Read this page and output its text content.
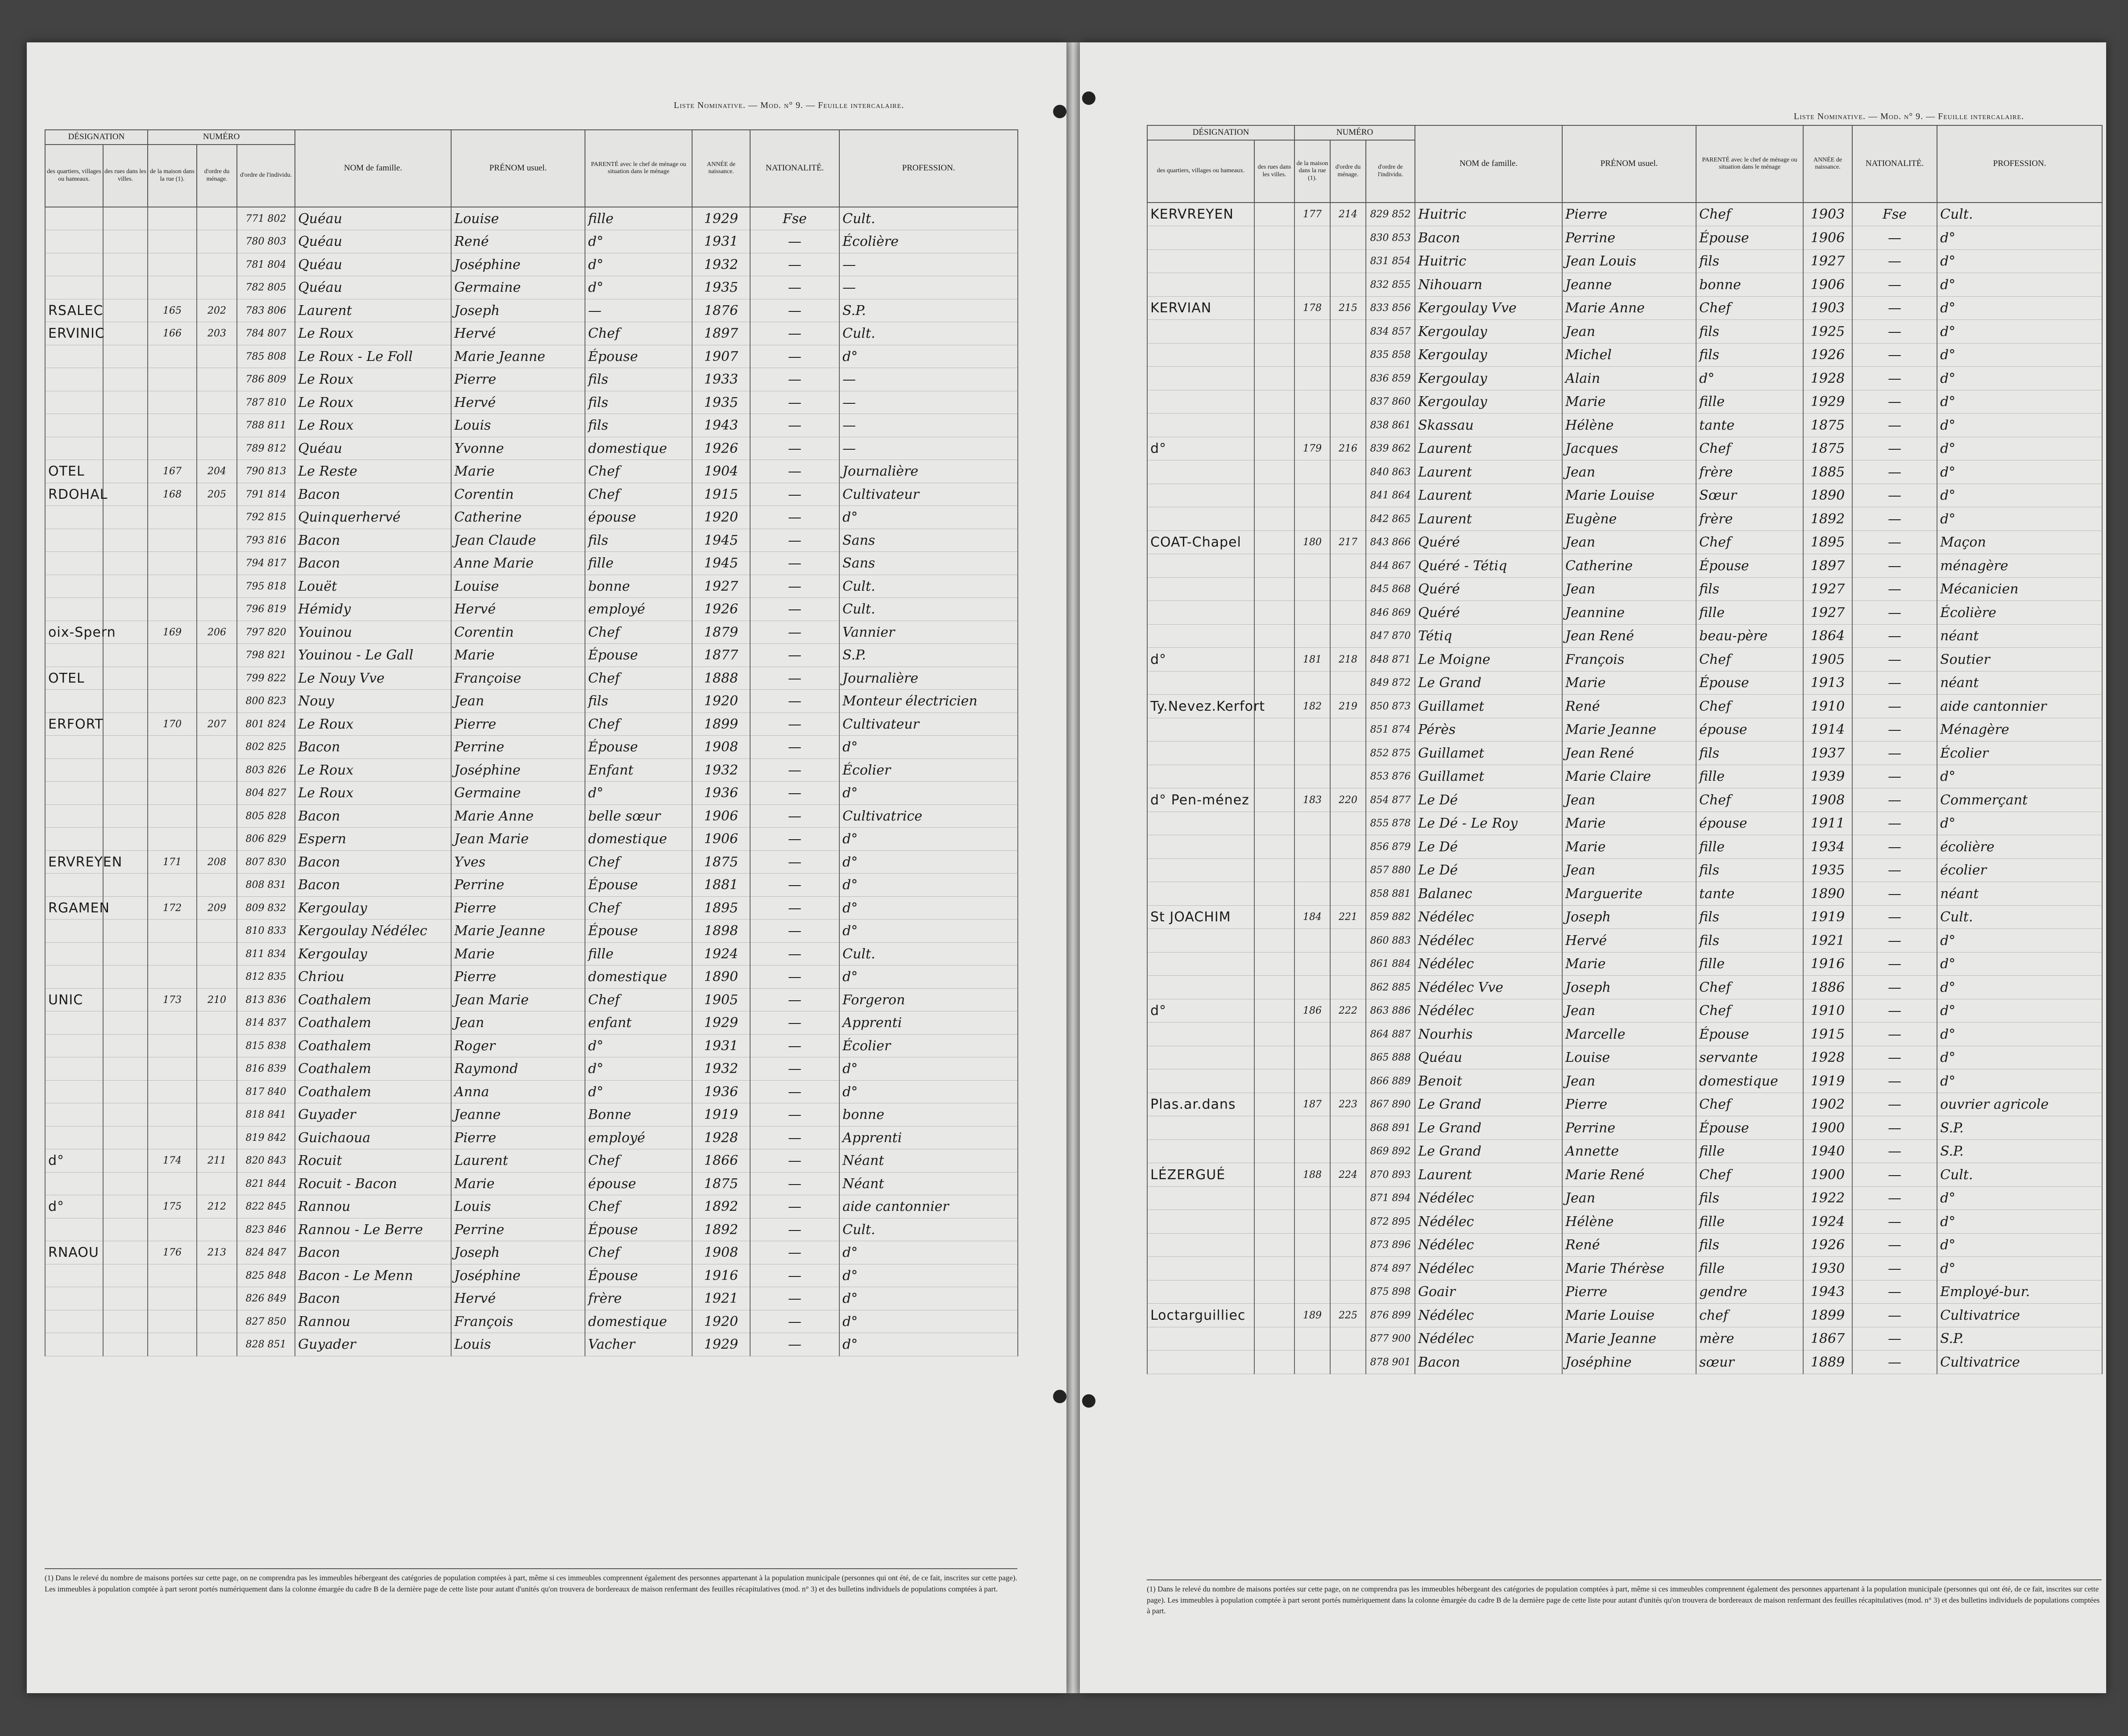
Liste Nominative. — Mod. n° 9. — Feuille intercalaire.
DÉSIGNATION		NUMÉRO			NOM de famille.	PRÉNOM usuel.	PARENTÉ avec le chef de ménage ou situation dans le ménage	ANNÉE de naissance.	NATIONALITÉ.	PROFESSION.
des quartiers, villages ou hameaux.	des rues dans les villes.	de la maison dans la rue (1).	d'ordre du ménage.	d'ordre de l'individu.						
				771 802	Quéau	Louise	fille	1929	Fse	Cult.
				780 803	Quéau	René	d°	1931	—	Écolière
				781 804	Quéau	Joséphine	d°	1932	—	—
				782 805	Quéau	Germaine	d°	1935	—	—
RSALEC		165	202	783 806	Laurent	Joseph	—	1876	—	S.P.
ERVINIC		166	203	784 807	Le Roux	Hervé	Chef	1897	—	Cult.
				785 808	Le Roux - Le Foll	Marie Jeanne	Épouse	1907	—	d°
				786 809	Le Roux	Pierre	fils	1933	—	—
				787 810	Le Roux	Hervé	fils	1935	—	—
				788 811	Le Roux	Louis	fils	1943	—	—
				789 812	Quéau	Yvonne	domestique	1926	—	—
OTEL		167	204	790 813	Le Reste	Marie	Chef	1904	—	Journalière
RDOHAL		168	205	791 814	Bacon	Corentin	Chef	1915	—	Cultivateur
				792 815	Quinquerhervé	Catherine	épouse	1920	—	d°
				793 816	Bacon	Jean Claude	fils	1945	—	Sans
				794 817	Bacon	Anne Marie	fille	1945	—	Sans
				795 818	Louët	Louise	bonne	1927	—	Cult.
				796 819	Hémidy	Hervé	employé	1926	—	Cult.
oix-Spern		169	206	797 820	Youinou	Corentin	Chef	1879	—	Vannier
				798 821	Youinou - Le Gall	Marie	Épouse	1877	—	S.P.
OTEL				799 822	Le Nouy Vve	Françoise	Chef	1888	—	Journalière
				800 823	Nouy	Jean	fils	1920	—	Monteur électricien
ERFORT		170	207	801 824	Le Roux	Pierre	Chef	1899	—	Cultivateur
				802 825	Bacon	Perrine	Épouse	1908	—	d°
				803 826	Le Roux	Joséphine	Enfant	1932	—	Écolier
				804 827	Le Roux	Germaine	d°	1936	—	d°
				805 828	Bacon	Marie Anne	belle sœur	1906	—	Cultivatrice
				806 829	Espern	Jean Marie	domestique	1906	—	d°
ERVREYEN		171	208	807 830	Bacon	Yves	Chef	1875	—	d°
				808 831	Bacon	Perrine	Épouse	1881	—	d°
RGAMEN		172	209	809 832	Kergoulay	Pierre	Chef	1895	—	d°
				810 833	Kergoulay Nédélec	Marie Jeanne	Épouse	1898	—	d°
				811 834	Kergoulay	Marie	fille	1924	—	Cult.
				812 835	Chriou	Pierre	domestique	1890	—	d°
UNIC		173	210	813 836	Coathalem	Jean Marie	Chef	1905	—	Forgeron
				814 837	Coathalem	Jean	enfant	1929	—	Apprenti
				815 838	Coathalem	Roger	d°	1931	—	Écolier
				816 839	Coathalem	Raymond	d°	1932	—	d°
				817 840	Coathalem	Anna	d°	1936	—	d°
				818 841	Guyader	Jeanne	Bonne	1919	—	bonne
				819 842	Guichaoua	Pierre	employé	1928	—	Apprenti
d°		174	211	820 843	Rocuit	Laurent	Chef	1866	—	Néant
				821 844	Rocuit - Bacon	Marie	épouse	1875	—	Néant
d°		175	212	822 845	Rannou	Louis	Chef	1892	—	aide cantonnier
				823 846	Rannou - Le Berre	Perrine	Épouse	1892	—	Cult.
RNAOU		176	213	824 847	Bacon	Joseph	Chef	1908	—	d°
				825 848	Bacon - Le Menn	Joséphine	Épouse	1916	—	d°
				826 849	Bacon	Hervé	frère	1921	—	d°
				827 850	Rannou	François	domestique	1920	—	d°
				828 851	Guyader	Louis	Vacher	1929	—	d°
(1) Dans le relevé du nombre de maisons portées sur cette page, on ne comprendra pas les immeubles hébergeant des catégories de population comptées à part, même si ces immeubles comprennent également des personnes appartenant à la population municipale (personnes qui ont été, de ce fait, inscrites sur cette page). Les immeubles à population comptée à part seront portés numériquement dans la colonne émargée du cadre B de la dernière page de cette liste pour autant d'unités qu'on trouvera de bordereaux de maison renfermant des feuilles récapitulatives (mod. n° 3) et des bulletins individuels de populations comptées à part.
Liste Nominative. — Mod. n° 9. — Feuille intercalaire.
DÉSIGNATION		NUMÉRO			NOM de famille.	PRÉNOM usuel.	PARENTÉ avec le chef de ménage ou situation dans le ménage	ANNÉE de naissance.	NATIONALITÉ.	PROFESSION.
des quartiers, villages ou hameaux.	des rues dans les villes.	de la maison dans la rue (1).	d'ordre du ménage.	d'ordre de l'individu.						
KERVREYEN		177	214	829 852	Huitric	Pierre	Chef	1903	Fse	Cult.
				830 853	Bacon	Perrine	Épouse	1906	—	d°
				831 854	Huitric	Jean Louis	fils	1927	—	d°
				832 855	Nihouarn	Jeanne	bonne	1906	—	d°
KERVIAN		178	215	833 856	Kergoulay Vve	Marie Anne	Chef	1903	—	d°
				834 857	Kergoulay	Jean	fils	1925	—	d°
				835 858	Kergoulay	Michel	fils	1926	—	d°
				836 859	Kergoulay	Alain	d°	1928	—	d°
				837 860	Kergoulay	Marie	fille	1929	—	d°
				838 861	Skassau	Hélène	tante	1875	—	d°
d°		179	216	839 862	Laurent	Jacques	Chef	1875	—	d°
				840 863	Laurent	Jean	frère	1885	—	d°
				841 864	Laurent	Marie Louise	Sœur	1890	—	d°
				842 865	Laurent	Eugène	frère	1892	—	d°
COAT-Chapel		180	217	843 866	Quéré	Jean	Chef	1895	—	Maçon
				844 867	Quéré - Tétiq	Catherine	Épouse	1897	—	ménagère
				845 868	Quéré	Jean	fils	1927	—	Mécanicien
				846 869	Quéré	Jeannine	fille	1927	—	Écolière
				847 870	Tétiq	Jean René	beau-père	1864	—	néant
d°		181	218	848 871	Le Moigne	François	Chef	1905	—	Soutier
				849 872	Le Grand	Marie	Épouse	1913	—	néant
Ty.Nevez.Kerfort		182	219	850 873	Guillamet	René	Chef	1910	—	aide cantonnier
				851 874	Pérès	Marie Jeanne	épouse	1914	—	Ménagère
				852 875	Guillamet	Jean René	fils	1937	—	Écolier
				853 876	Guillamet	Marie Claire	fille	1939	—	d°
d° Pen-ménez		183	220	854 877	Le Dé	Jean	Chef	1908	—	Commerçant
				855 878	Le Dé - Le Roy	Marie	épouse	1911	—	d°
				856 879	Le Dé	Marie	fille	1934	—	écolière
				857 880	Le Dé	Jean	fils	1935	—	écolier
				858 881	Balanec	Marguerite	tante	1890	—	néant
St JOACHIM		184	221	859 882	Nédélec	Joseph	fils	1919	—	Cult.
				860 883	Nédélec	Hervé	fils	1921	—	d°
				861 884	Nédélec	Marie	fille	1916	—	d°
				862 885	Nédélec Vve	Joseph	Chef	1886	—	d°
d°		186	222	863 886	Nédélec	Jean	Chef	1910	—	d°
				864 887	Nourhis	Marcelle	Épouse	1915	—	d°
				865 888	Quéau	Louise	servante	1928	—	d°
				866 889	Benoit	Jean	domestique	1919	—	d°
Plas.ar.dans		187	223	867 890	Le Grand	Pierre	Chef	1902	—	ouvrier agricole
				868 891	Le Grand	Perrine	Épouse	1900	—	S.P.
				869 892	Le Grand	Annette	fille	1940	—	S.P.
LÉZERGUÉ		188	224	870 893	Laurent	Marie René	Chef	1900	—	Cult.
				871 894	Nédélec	Jean	fils	1922	—	d°
				872 895	Nédélec	Hélène	fille	1924	—	d°
				873 896	Nédélec	René	fils	1926	—	d°
				874 897	Nédélec	Marie Thérèse	fille	1930	—	d°
				875 898	Goair	Pierre	gendre	1943	—	Employé-bur.
Loctarguilliec		189	225	876 899	Nédélec	Marie Louise	chef	1899	—	Cultivatrice
				877 900	Nédélec	Marie Jeanne	mère	1867	—	S.P.
				878 901	Bacon	Joséphine	sœur	1889	—	Cultivatrice
(1) Dans le relevé du nombre de maisons portées sur cette page, on ne comprendra pas les immeubles hébergeant des catégories de population comptées à part, même si ces immeubles comprennent également des personnes appartenant à la population municipale (personnes qui ont été, de ce fait, inscrites sur cette page). Les immeubles à population comptée à part seront portés numériquement dans la colonne émargée du cadre B de la dernière page de cette liste pour autant d'unités qu'on trouvera de bordereaux de maison renfermant des feuilles récapitulatives (mod. n° 3) et des bulletins individuels de populations comptées à part.
